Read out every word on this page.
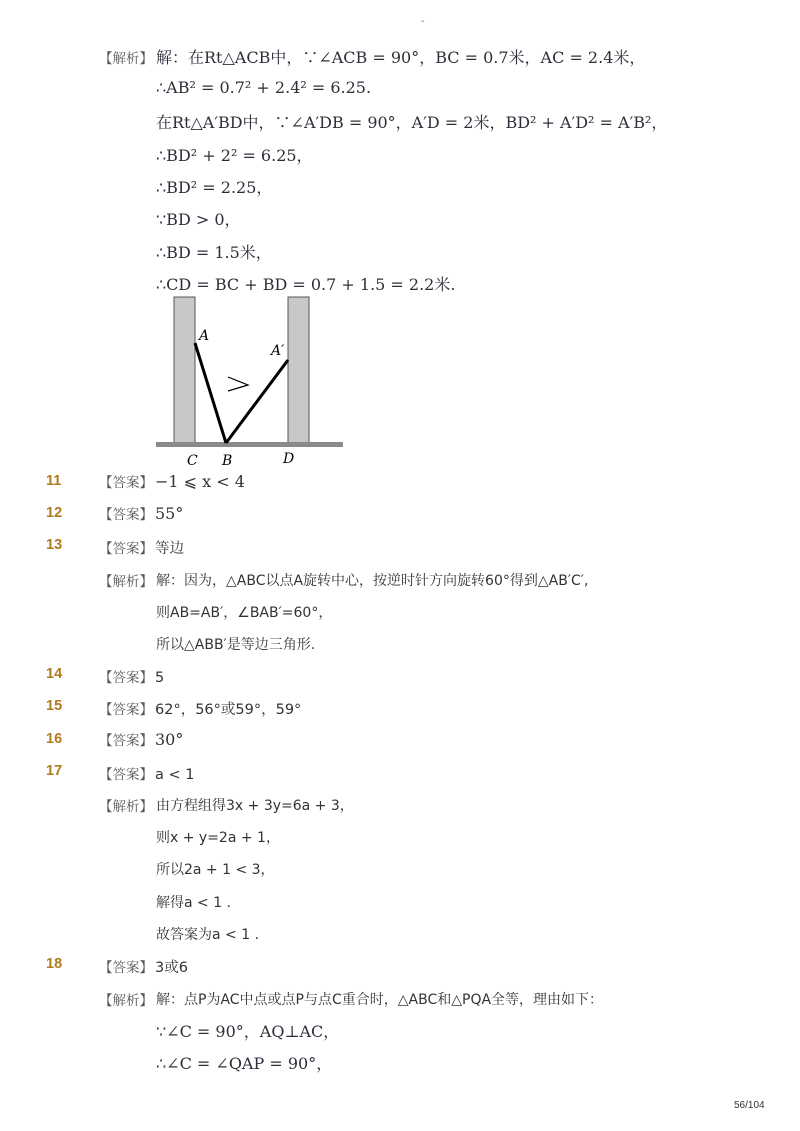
-
【解析】 解：在Rt△ACB中，∵∠ACB = 90°，BC = 0.7米，AC = 2.4米，
∴AB² = 0.7² + 2.4² = 6.25.
在Rt△A′BD中，∵∠A′DB = 90°，A′D = 2米，BD² + A′D² = A′B²，
∴BD² + 2² = 6.25，
∴BD² = 2.25，
∵BD > 0，
∴BD = 1.5米，
∴CD = BC + BD = 0.7 + 1.5 = 2.2米.
A
A′
C B	D
11	【答案】 −1 ⩽ x < 4
12	【答案】 55°
13	【答案】 等边
【解析】 解：因为，△ABC以点A旋转中心，按逆时针方向旋转60°得到△AB′C′,
则AB=AB′，∠BAB′=60°，
所以△ABB′是等边三角形.
14	【答案】 5
15	【答案】 62°，56°或59°，59°
16	【答案】 30°
17	【答案】 a < 1
【解析】 由方程组得3x + 3y=6a + 3，
则x + y=2a + 1，
所以2a + 1 < 3，
解得a < 1 .
故答案为a < 1 .
18	【答案】 3或6
【解析】 解：点P为AC中点或点P与点C重合时，△ABC和△PQA全等，理由如下：
∵∠C = 90°，AQ⊥AC，
∴∠C = ∠QAP = 90°，
56/104
